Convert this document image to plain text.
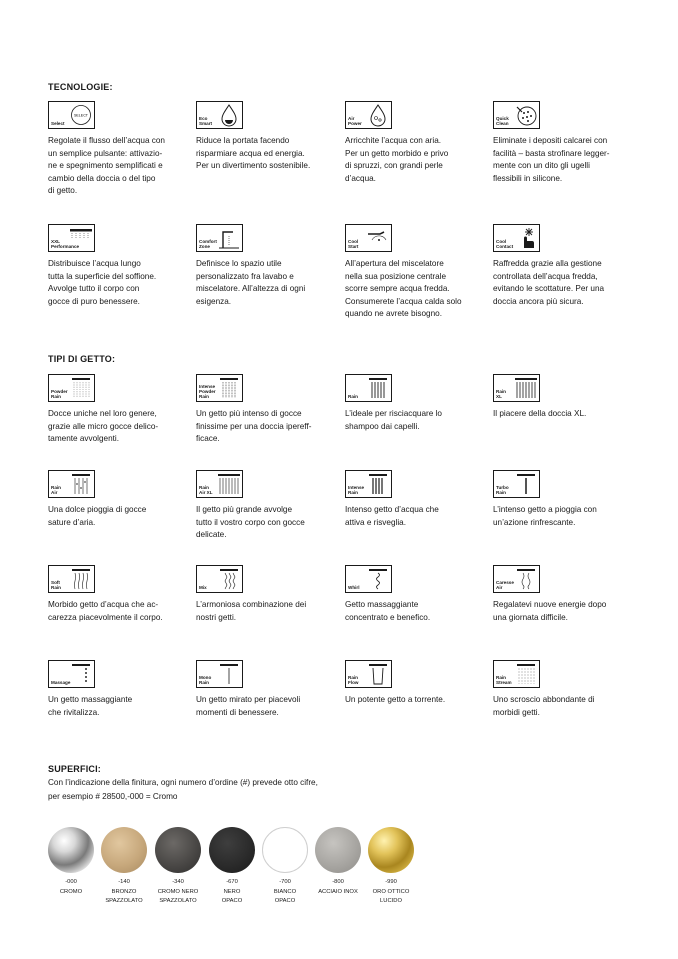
TECNOLOGIE:
Select
SELECT
Regolate il flusso dell’acqua con
un semplice pulsante: attivazio-
ne e spegnimento semplificati e
cambio della doccia o del tipo
di getto.
Eco
Smart
Riduce la portata facendo
risparmiare acqua ed energia.
Per un divertimento sostenibile.
Air
Power
Arricchite l’acqua con aria.
Per un getto morbido e privo
di spruzzi, con grandi perle
d’acqua.
Quick
Clean
Eliminate i depositi calcarei con
facilità – basta strofinare legger-
mente con un dito gli ugelli
flessibili in silicone.
XXL
Performance
Distribuisce l’acqua lungo
tutta la superficie del soffione.
Avvolge tutto il corpo con
gocce di puro benessere.
Comfort
Zone
Definisce lo spazio utile
personalizzato fra lavabo e
miscelatore. All’altezza di ogni
esigenza.
Cool
Start
All’apertura del miscelatore
nella sua posizione centrale
scorre sempre acqua fredda.
Consumerete l’acqua calda solo
quando ne avrete bisogno.
Cool
Contact
Raffredda grazie alla gestione
controllata dell’acqua fredda,
evitando le scottature. Per una
doccia ancora più sicura.
TIPI DI GETTO:
Powder
Rain
Docce uniche nel loro genere,
grazie alle micro gocce delico-
tamente avvolgenti.
Intense
Powder
Rain
Un getto più intenso di gocce
finissime per una doccia ipereff-
ficace.
Rain
L’ideale per risciacquare lo
shampoo dai capelli.
Rain
XL
Il piacere della doccia XL.
Rain
Air
Una dolce pioggia di gocce
sature d’aria.
Rain
Air XL
Il getto più grande avvolge
tutto il vostro corpo con gocce
delicate.
Intense
Rain
Intenso getto d’acqua che
attiva e risveglia.
Turbo
Rain
L’intenso getto a pioggia con
un’azione rinfrescante.
Soft
Rain
Morbido getto d’acqua che ac-
carezza piacevolmente il corpo.
Mix
L’armoniosa combinazione dei
nostri getti.
Whirl
Getto massaggiante
concentrato e benefico.
Caresse
Air
Regalatevi nuove energie dopo
una giornata difficile.
Massage
Un getto massaggiante
che rivitalizza.
Mono
Rain
Un getto mirato per piacevoli
momenti di benessere.
Rain
Flow
Un potente getto a torrente.
Rain
Stream
Uno scroscio abbondante di
morbidi getti.
SUPERFICI:
Con l’indicazione della finitura, ogni numero d’ordine (#) prevede otto cifre,
per esempio # 28500,-000 = Cromo
-000
CROMO
-140
BRONZO
SPAZZOLATO
-340
CROMO NERO
SPAZZOLATO
-670
NERO
OPACO
-700
BIANCO
OPACO
-800
ACCIAIO INOX
-990
ORO OTTICO
LUCIDO
